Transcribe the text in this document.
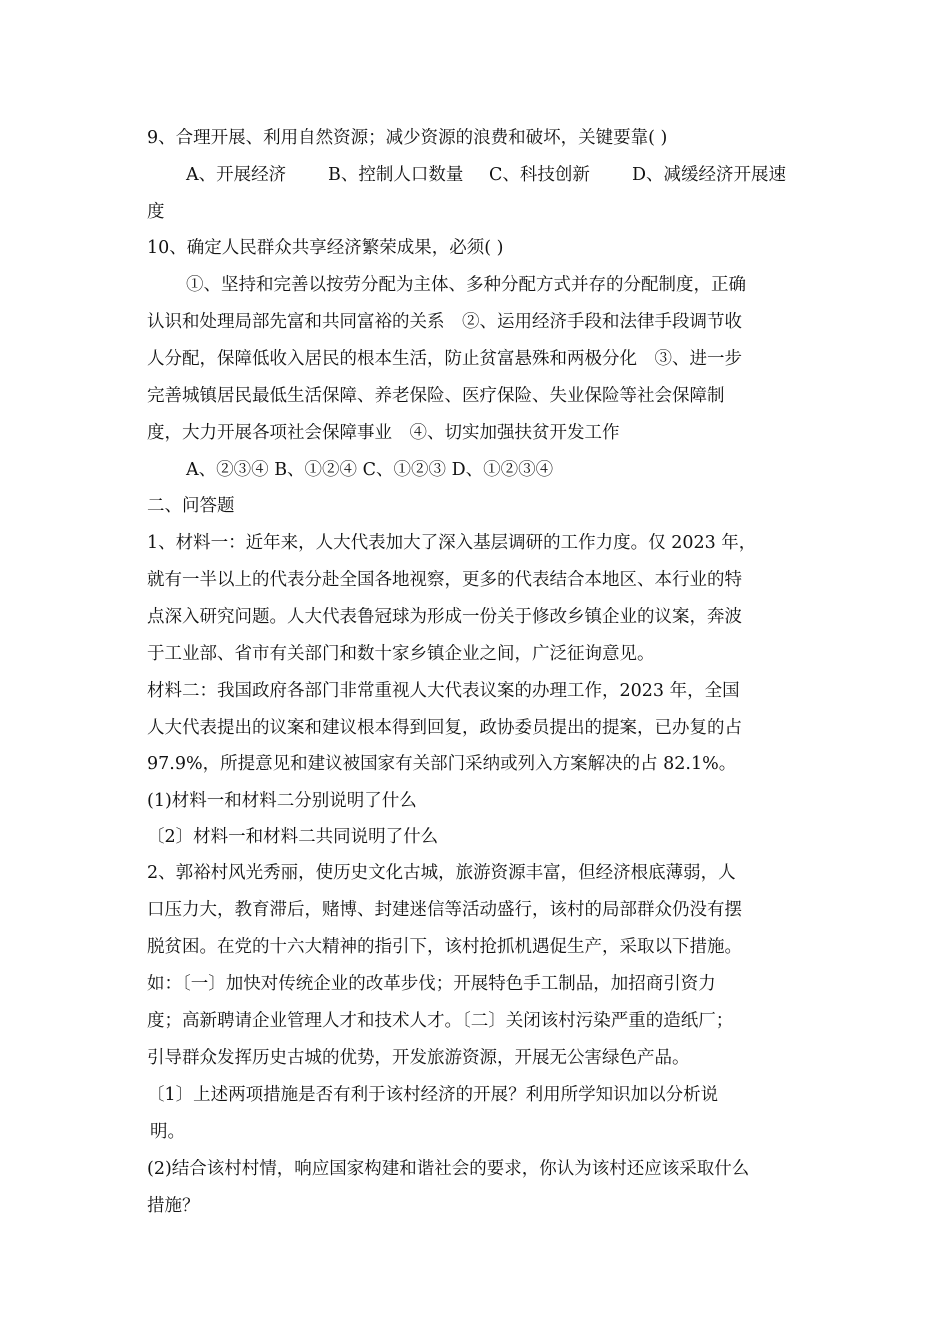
9、合理开展、利用自然资源；减少资源的浪费和破坏，关键要靠( )
A、开展经济 B、控制人口数量 C、科技创新 D、减缓经济开展速
度
10、确定人民群众共享经济繁荣成果，必须( )
①、坚持和完善以按劳分配为主体、多种分配方式并存的分配制度，正确
认识和处理局部先富和共同富裕的关系　②、运用经济手段和法律手段调节收
人分配，保障低收入居民的根本生活，防止贫富悬殊和两极分化　③、进一步
完善城镇居民最低生活保障、养老保险、医疗保险、失业保险等社会保障制
度，大力开展各项社会保障事业　④、切实加强扶贫开发工作
A、②③④ B、①②④ C、①②③ D、①②③④
二、问答题
1、材料一：近年来，人大代表加大了深入基层调研的工作力度。仅 2023 年，
就有一半以上的代表分赴全国各地视察，更多的代表结合本地区、本行业的特
点深入研究问题。人大代表鲁冠球为形成一份关于修改乡镇企业的议案，奔波
于工业部、省市有关部门和数十家乡镇企业之间，广泛征询意见。
材料二：我国政府各部门非常重视人大代表议案的办理工作，2023 年，全国
人大代表提出的议案和建议根本得到回复，政协委员提出的提案，已办复的占
97.9%，所提意见和建议被国家有关部门采纳或列入方案解决的占 82.1%。
(1)材料一和材料二分别说明了什么
〔2〕材料一和材料二共同说明了什么
2、郭裕村风光秀丽，使历史文化古城，旅游资源丰富，但经济根底薄弱，人
口压力大，教育滞后，赌博、封建迷信等活动盛行，该村的局部群众仍没有摆
脱贫困。在党的十六大精神的指引下，该村抢抓机遇促生产，采取以下措施。
如：〔一〕加快对传统企业的改革步伐；开展特色手工制品，加招商引资力
度；高新聘请企业管理人才和技术人才。〔二〕关闭该村污染严重的造纸厂；
引导群众发挥历史古城的优势，开发旅游资源，开展无公害绿色产品。
〔1〕上述两项措施是否有利于该村经济的开展？利用所学知识加以分析说
明。
(2)结合该村村情，响应国家构建和谐社会的要求，你认为该村还应该采取什么
措施？
